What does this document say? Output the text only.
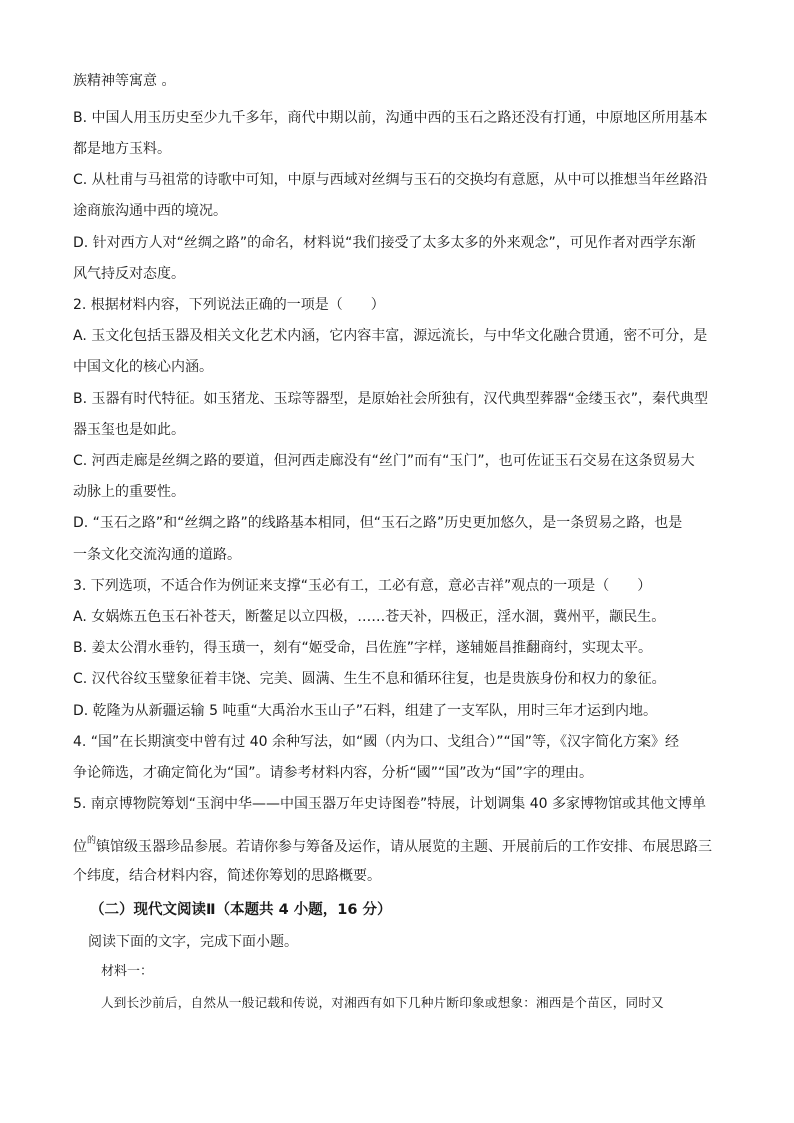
族精神等寓意 。
B. 中国人用玉历史至少九千多年，商代中期以前，沟通中西的玉石之路还没有打通，中原地区所用基本
都是地方玉料。
C. 从杜甫与马祖常的诗歌中可知，中原与西域对丝绸与玉石的交换均有意愿，从中可以推想当年丝路沿
途商旅沟通中西的境况。
D. 针对西方人对“丝绸之路”的命名，材料说“我们接受了太多太多的外来观念”，可见作者对西学东渐
风气持反对态度。
2. 根据材料内容，下列说法正确的一项是（　　）
A. 玉文化包括玉器及相关文化艺术内涵，它内容丰富，源远流长，与中华文化融合贯通，密不可分，是
中国文化的核心内涵。
B. 玉器有时代特征。如玉猪龙、玉琮等器型，是原始社会所独有，汉代典型葬器“金缕玉衣”，秦代典型
器玉玺也是如此。
C. 河西走廊是丝绸之路的要道，但河西走廊没有“丝门”而有“玉门”，也可佐证玉石交易在这条贸易大
动脉上的重要性。
D. “玉石之路”和“丝绸之路”的线路基本相同，但“玉石之路”历史更加悠久，是一条贸易之路，也是
一条文化交流沟通的道路。
3. 下列选项，不适合作为例证来支撑“玉必有工，工必有意，意必吉祥”观点的一项是（　　）
A. 女娲炼五色玉石补苍天，断鳌足以立四极，……苍天补，四极正，淫水涸，冀州平，颛民生。
B. 姜太公渭水垂钓，得玉璜一，刻有“姬受命，吕佐旌”字样，遂辅姬昌推翻商纣，实现太平。
C. 汉代谷纹玉璧象征着丰饶、完美、圆满、生生不息和循环往复，也是贵族身份和权力的象征。
D. 乾隆为从新疆运输 5 吨重“大禹治水玉山子”石料，组建了一支军队，用时三年才运到内地。
4. “国”在长期演变中曾有过 40 余种写法，如“國（内为口、戈组合）”“国”等，《汉字简化方案》经
争论筛选，才确定简化为“国”。请参考材料内容，分析“國”“国”改为“国”字的理由。
5. 南京博物院筹划“玉润中华——中国玉器万年史诗图卷”特展，计划调集 40 多家博物馆或其他文博单
位$^的$镇馆级玉器珍品参展。若请你参与筹备及运作，请从展览的主题、开展前后的工作安排、布展思路三
个纬度，结合材料内容，简述你筹划的思路概要。
（二）现代文阅读Ⅱ（本题共 4 小题，16 分）
阅读下面的文字，完成下面小题。
材料一：
人到长沙前后，自然从一般记载和传说，对湘西有如下几种片断印象或想象：湘西是个苗区，同时又
